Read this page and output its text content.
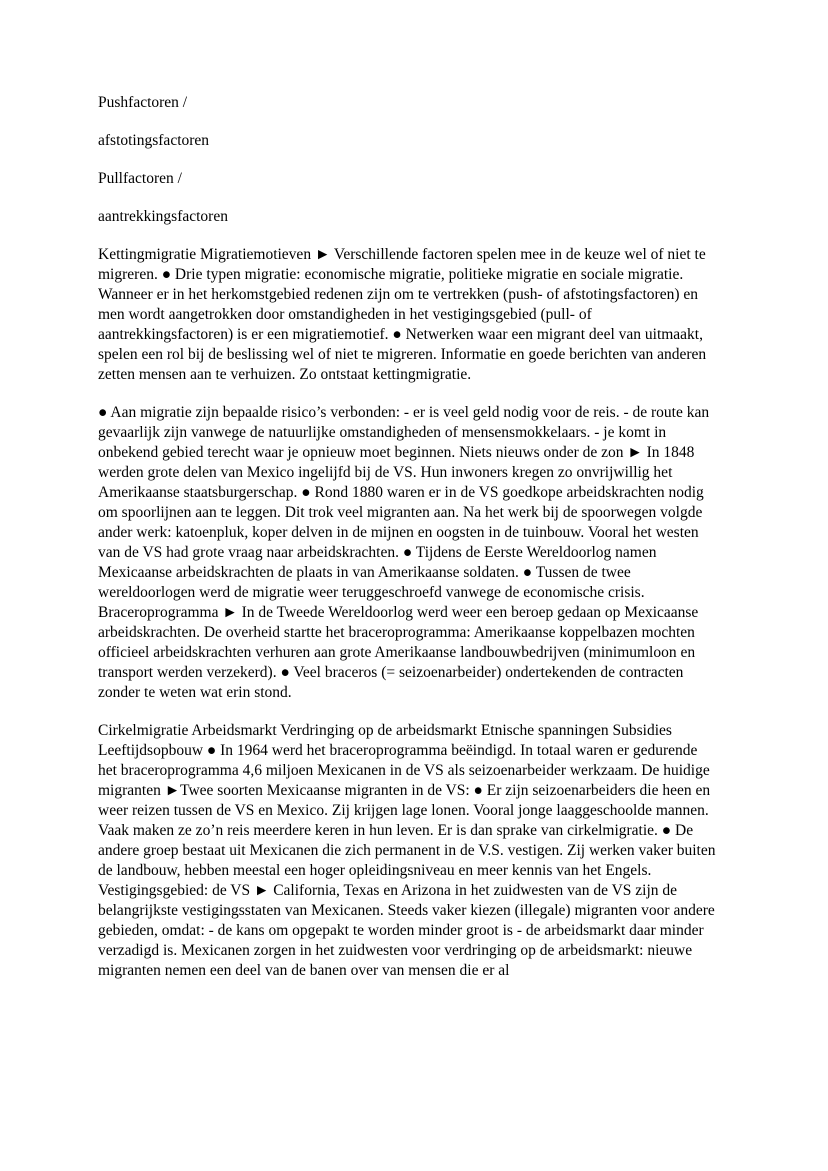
Pushfactoren /

afstotingsfactoren

Pullfactoren /

aantrekkingsfactoren

Kettingmigratie Migratiemotieven ► Verschillende factoren spelen mee in de keuze wel of niet te migreren. ● Drie typen migratie: economische migratie, politieke migratie en sociale migratie. Wanneer er in het herkomstgebied redenen zijn om te vertrekken (push- of afstotingsfactoren) en men wordt aangetrokken door omstandigheden in het vestigingsgebied (pull- of aantrekkingsfactoren) is er een migratiemotief. ● Netwerken waar een migrant deel van uitmaakt, spelen een rol bij de beslissing wel of niet te migreren. Informatie en goede berichten van anderen zetten mensen aan te verhuizen. Zo ontstaat kettingmigratie.

● Aan migratie zijn bepaalde risico’s verbonden: - er is veel geld nodig voor de reis. - de route kan gevaarlijk zijn vanwege de natuurlijke omstandigheden of mensensmokkelaars. - je komt in onbekend gebied terecht waar je opnieuw moet beginnen. Niets nieuws onder de zon ► In 1848 werden grote delen van Mexico ingelijfd bij de VS. Hun inwoners kregen zo onvrijwillig het Amerikaanse staatsburgerschap. ● Rond 1880 waren er in de VS goedkope arbeidskrachten nodig om spoorlijnen aan te leggen. Dit trok veel migranten aan. Na het werk bij de spoorwegen volgde ander werk: katoenpluk, koper delven in de mijnen en oogsten in de tuinbouw. Vooral het westen van de VS had grote vraag naar arbeidskrachten. ● Tijdens de Eerste Wereldoorlog namen Mexicaanse arbeidskrachten de plaats in van Amerikaanse soldaten. ● Tussen de twee wereldoorlogen werd de migratie weer teruggeschroefd vanwege de economische crisis. Braceroprogramma ► In de Tweede Wereldoorlog werd weer een beroep gedaan op Mexicaanse arbeidskrachten. De overheid startte het braceroprogramma: Amerikaanse koppelbazen mochten officieel arbeidskrachten verhuren aan grote Amerikaanse landbouwbedrijven (minimumloon en transport werden verzekerd). ● Veel braceros (= seizoenarbeider) ondertekenden de contracten zonder te weten wat erin stond.

Cirkelmigratie Arbeidsmarkt Verdringing op de arbeidsmarkt Etnische spanningen Subsidies Leeftijdsopbouw ● In 1964 werd het braceroprogramma beëindigd. In totaal waren er gedurende het braceroprogramma 4,6 miljoen Mexicanen in de VS als seizoenarbeider werkzaam. De huidige migranten ►Twee soorten Mexicaanse migranten in de VS: ● Er zijn seizoenarbeiders die heen en weer reizen tussen de VS en Mexico. Zij krijgen lage lonen. Vooral jonge laaggeschoolde mannen. Vaak maken ze zo’n reis meerdere keren in hun leven. Er is dan sprake van cirkelmigratie. ● De andere groep bestaat uit Mexicanen die zich permanent in de V.S. vestigen. Zij werken vaker buiten de landbouw, hebben meestal een hoger opleidingsniveau en meer kennis van het Engels. Vestigingsgebied: de VS ► California, Texas en Arizona in het zuidwesten van de VS zijn de belangrijkste vestigingsstaten van Mexicanen. Steeds vaker kiezen (illegale) migranten voor andere gebieden, omdat: - de kans om opgepakt te worden minder groot is - de arbeidsmarkt daar minder verzadigd is. Mexicanen zorgen in het zuidwesten voor verdringing op de arbeidsmarkt: nieuwe migranten nemen een deel van de banen over van mensen die er al
